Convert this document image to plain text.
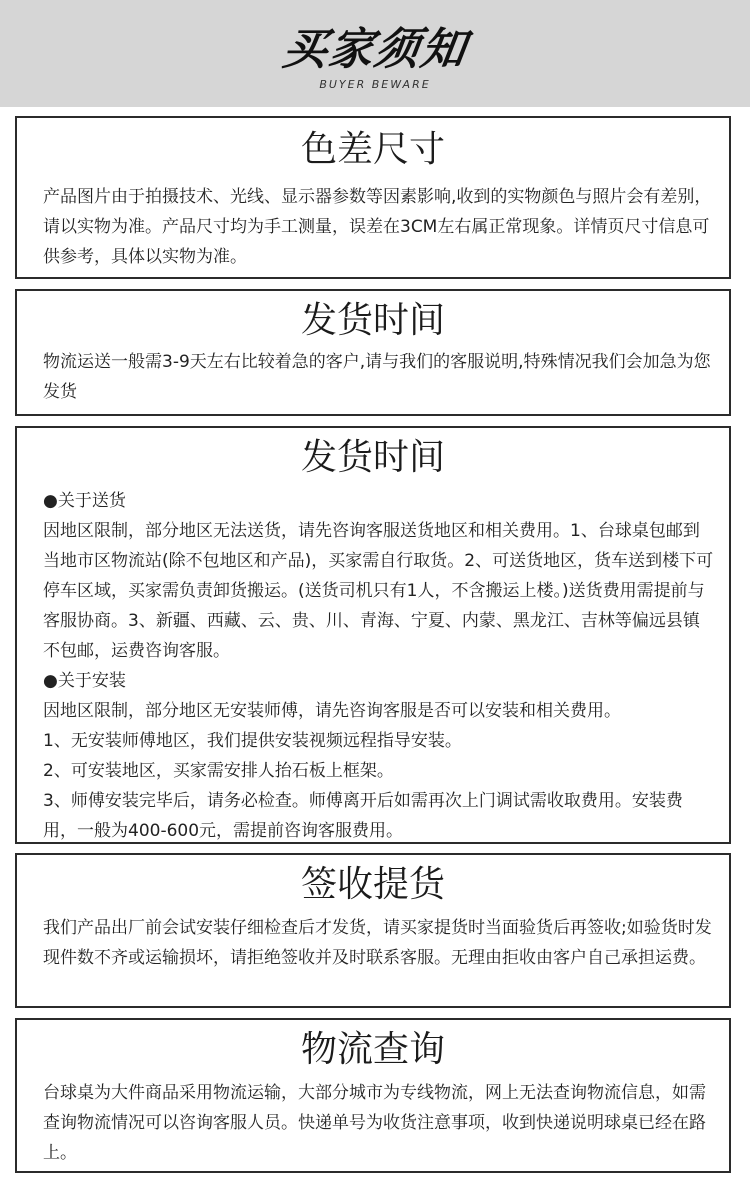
买家须知
BUYER BEWARE
色差尺寸

产品图片由于拍摄技术、光线、显示器参数等因素影响,收到的实物颜色与照片会有差别，请以实物为准。产品尺寸均为手工测量，误差在3CM左右属正常现象。详情页尺寸信息可供参考，具体以实物为准。

发货时间

物流运送一般需3-9天左右比较着急的客户,请与我们的客服说明,特殊情况我们会加急为您发货

发货时间

●关于送货

因地区限制，部分地区无法送货，请先咨询客服送货地区和相关费用。1、台球桌包邮到当地市区物流站(除不包地区和产品)，买家需自行取货。2、可送货地区，货车送到楼下可停车区域，买家需负责卸货搬运。(送货司机只有1人，不含搬运上楼。)送货费用需提前与客服协商。3、新疆、西藏、云、贵、川、青海、宁夏、内蒙、黑龙江、吉林等偏远县镇不包邮，运费咨询客服。

●关于安装

因地区限制，部分地区无安装师傅，请先咨询客服是否可以安装和相关费用。

1、无安装师傅地区，我们提供安装视频远程指导安装。

2、可安装地区，买家需安排人抬石板上框架。

3、师傅安装完毕后，请务必检查。师傅离开后如需再次上门调试需收取费用。安装费用，一般为400-600元，需提前咨询客服费用。

签收提货

我们产品出厂前会试安装仔细检查后才发货，请买家提货时当面验货后再签收;如验货时发现件数不齐或运输损坏，请拒绝签收并及时联系客服。无理由拒收由客户自己承担运费。

物流查询

台球桌为大件商品采用物流运输，大部分城市为专线物流，网上无法查询物流信息，如需查询物流情况可以咨询客服人员。快递单号为收货注意事项，收到快递说明球桌已经在路上。
